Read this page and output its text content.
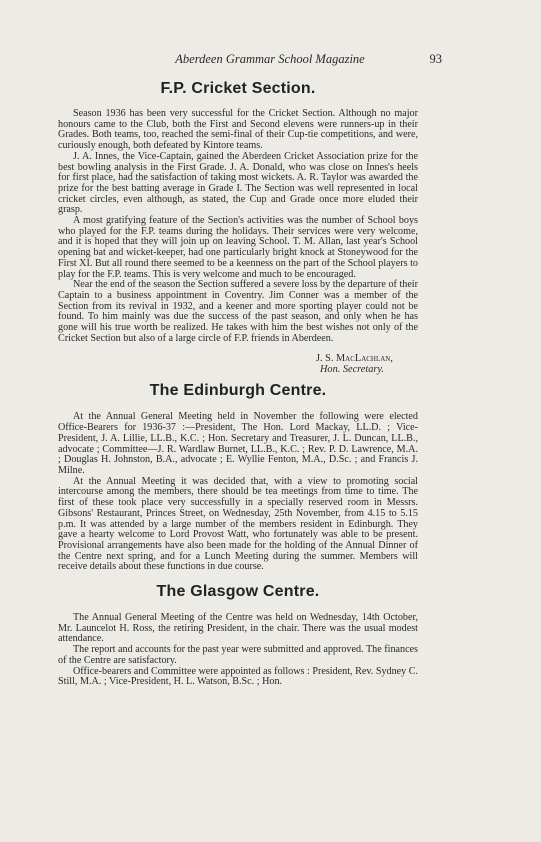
Aberdeen Grammar School Magazine	93
F.P. Cricket Section.

Season 1936 has been very successful for the Cricket Section. Although no major honours came to the Club, both the First and Second elevens were runners-up in their Grades. Both teams, too, reached the semi-final of their Cup-tie competitions, and were, curiously enough, both defeated by Kintore teams.

J. A. Innes, the Vice-Captain, gained the Aberdeen Cricket Association prize for the best bowling analysis in the First Grade. J. A. Donald, who was close on Innes's heels for first place, had the satisfaction of taking most wickets. A. R. Taylor was awarded the prize for the best batting average in Grade I. The Section was well represented in local cricket circles, even although, as stated, the Cup and Grade once more eluded their grasp.

A most gratifying feature of the Section's activities was the number of School boys who played for the F.P. teams during the holidays. Their services were very welcome, and it is hoped that they will join up on leaving School. T. M. Allan, last year's School opening bat and wicket-keeper, had one particularly bright knock at Stoneywood for the First XI. But all round there seemed to be a keenness on the part of the School players to play for the F.P. teams. This is very welcome and much to be encouraged.

Near the end of the season the Section suffered a severe loss by the departure of their Captain to a business appointment in Coventry. Jim Conner was a member of the Section from its revival in 1932, and a keener and more sporting player could not be found. To him mainly was due the success of the past season, and only when he has gone will his true worth be realized. He takes with him the best wishes not only of the Cricket Section but also of a large circle of F.P. friends in Aberdeen.

J. S. MacLachlan,
Hon. Secretary.
The Edinburgh Centre.

At the Annual General Meeting held in November the following were elected Office-Bearers for 1936-37 :—President, The Hon. Lord Mackay, LL.D. ; Vice-President, J. A. Lillie, LL.B., K.C. ; Hon. Secretary and Treasurer, J. L. Duncan, LL.B., advocate ; Committee—J. R. Wardlaw Burnet, LL.B., K.C. ; Rev. P. D. Lawrence, M.A. ; Douglas H. Johnston, B.A., advocate ; E. Wyllie Fenton, M.A., D.Sc. ; and Francis J. Milne.

At the Annual Meeting it was decided that, with a view to promoting social intercourse among the members, there should be tea meetings from time to time. The first of these took place very successfully in a specially reserved room in Messrs. Gibsons' Restaurant, Princes Street, on Wednesday, 25th November, from 4.15 to 5.15 p.m. It was attended by a large number of the members resident in Edinburgh. They gave a hearty welcome to Lord Provost Watt, who fortunately was able to be present. Provisional arrangements have also been made for the holding of the Annual Dinner of the Centre next spring, and for a Lunch Meeting during the summer. Members will receive details about these functions in due course.

The Glasgow Centre.

The Annual General Meeting of the Centre was held on Wednesday, 14th October, Mr. Launcelot H. Ross, the retiring President, in the chair. There was the usual modest attendance.

The report and accounts for the past year were submitted and approved. The finances of the Centre are satisfactory.

Office-bearers and Committee were appointed as follows : President, Rev. Sydney C. Still, M.A. ; Vice-President, H. L. Watson, B.Sc. ; Hon.
